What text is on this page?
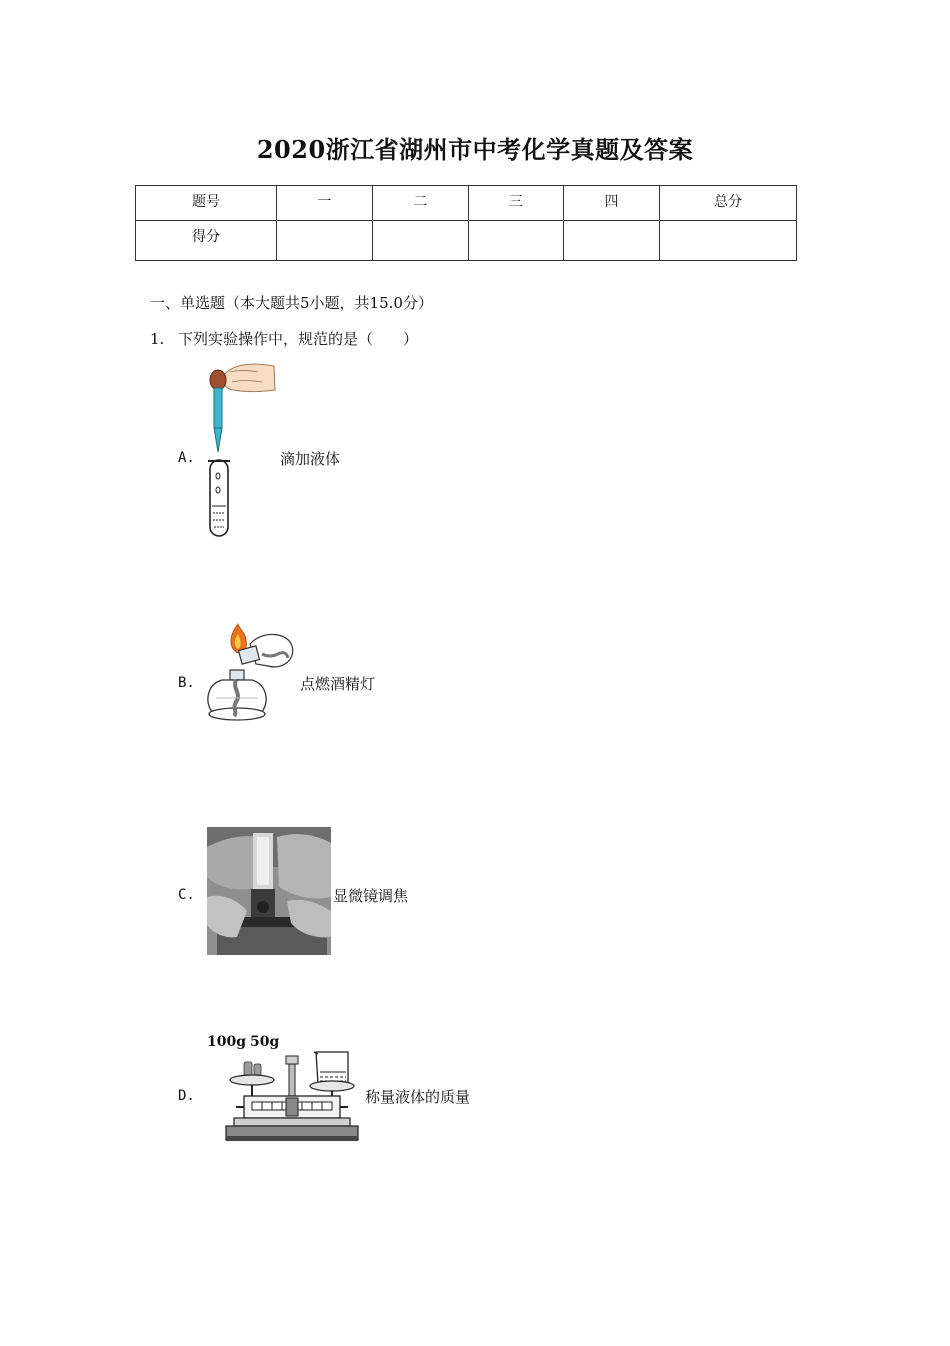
2020浙江省湖州市中考化学真题及答案
题号	一	二	三	四	总分
得分					
一、单选题（本大题共5小题，共15.0分）
1. 下列实验操作中，规范的是（　　）
A.	滴加液体
B.	点燃酒精灯
C.	显微镜调焦
100g 50g
D.	称量液体的质量
